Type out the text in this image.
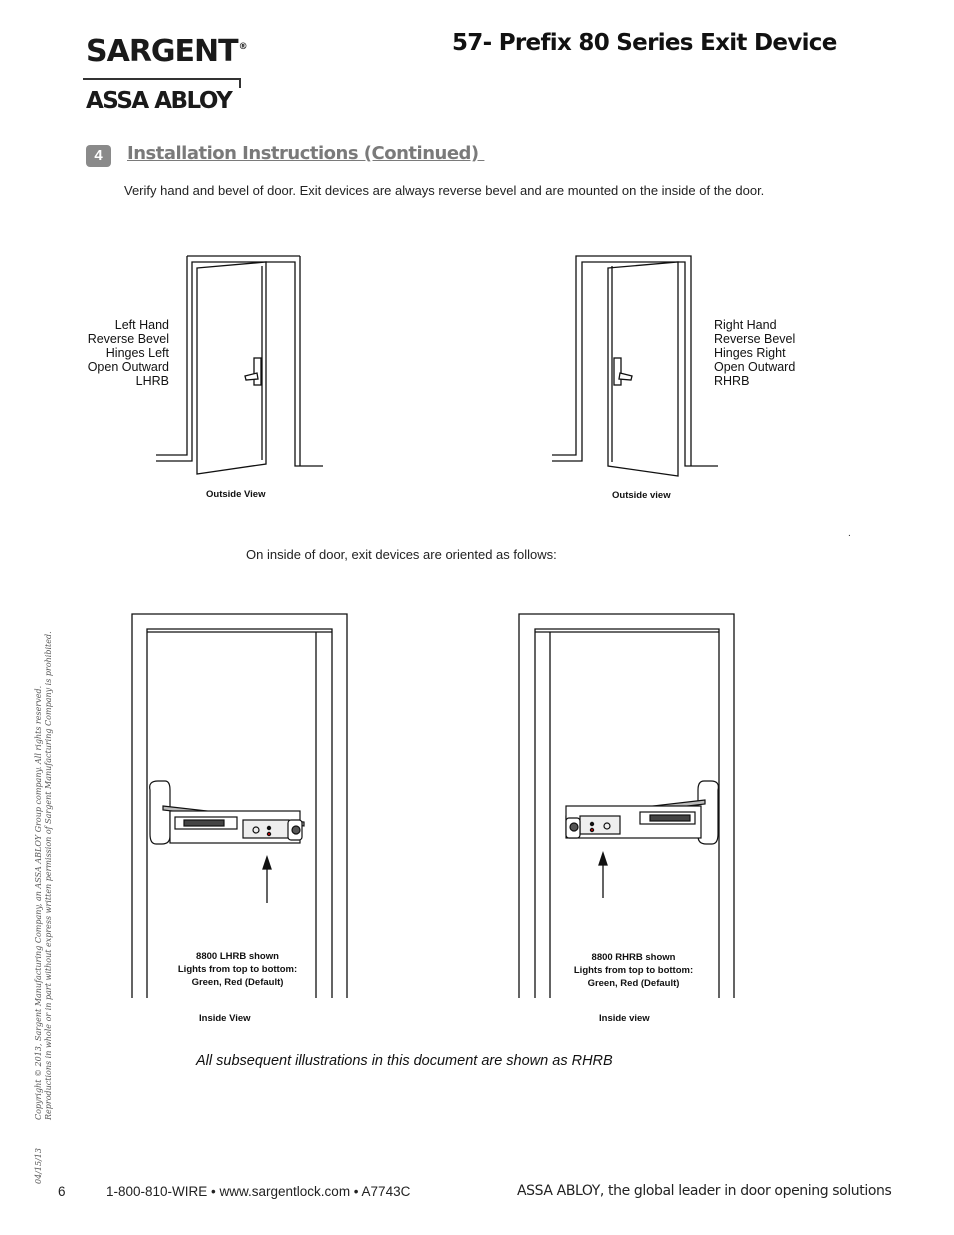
SARGENT®
ASSA ABLOY
57- Prefix 80 Series Exit Device
4	Installation Instructions (Continued)
Verify hand and bevel of door. Exit devices are always reverse bevel and are mounted on the inside of the door.
Left Hand
Reverse Bevel
Hinges Left
Open Outward
LHRB
Right Hand
Reverse Bevel
Hinges Right
Open Outward
RHRB
Outside View	Outside view
.
On inside of door, exit devices are oriented as follows:
8800 LHRB shown
Lights from top to bottom:
Green, Red (Default)
8800 RHRB shown
Lights from top to bottom:
Green, Red (Default)
Inside View	Inside view
All subsequent illustrations in this document are shown as RHRB
Copyright © 2013, Sargent Manufacturing Company, an ASSA ABLOY Group company. All rights reserved. Reproductions in whole or in part without express written permission of Sargent Manufacturing Company is prohibited.
04/15/13
6	1-800-810-WIRE • www.sargentlock.com • A7743C	ASSA ABLOY, the global leader in door opening solutions
